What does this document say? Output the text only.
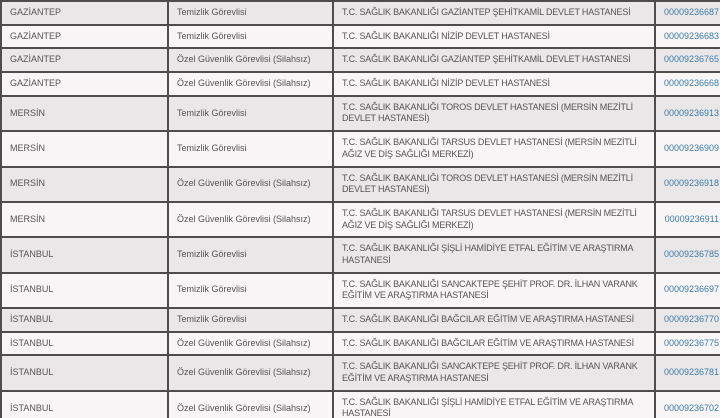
GAZİANTEP	Temizlik Görevlisi	T.C. SAĞLIK BAKANLIĞI GAZİANTEP ŞEHİTKAMİL DEVLET HASTANESİ	00009236687
GAZİANTEP	Temizlik Görevlisi	T.C. SAĞLIK BAKANLIĞI NİZİP DEVLET HASTANESİ	00009236683
GAZİANTEP	Özel Güvenlik Görevlisi (Silahsız)	T.C. SAĞLIK BAKANLIĞI GAZİANTEP ŞEHİTKAMİL DEVLET HASTANESİ	00009236765
GAZİANTEP	Özel Güvenlik Görevlisi (Silahsız)	T.C. SAĞLIK BAKANLIĞI NİZİP DEVLET HASTANESİ	00009236668
MERSİN	Temizlik Görevlisi	T.C. SAĞLIK BAKANLIĞI TOROS DEVLET HASTANESİ (MERSİN MEZİTLİ DEVLET HASTANESİ)	00009236913
MERSİN	Temizlik Görevlisi	T.C. SAĞLIK BAKANLIĞI TARSUS DEVLET HASTANESİ (MERSİN MEZİTLİ AĞIZ VE DİŞ SAĞLIĞI MERKEZİ)	00009236909
MERSİN	Özel Güvenlik Görevlisi (Silahsız)	T.C. SAĞLIK BAKANLIĞI TOROS DEVLET HASTANESİ (MERSİN MEZİTLİ DEVLET HASTANESİ)	00009236918
MERSİN	Özel Güvenlik Görevlisi (Silahsız)	T.C. SAĞLIK BAKANLIĞI TARSUS DEVLET HASTANESİ (MERSİN MEZİTLİ AĞIZ VE DİŞ SAĞLIĞI MERKEZİ)	00009236911
İSTANBUL	Temizlik Görevlisi	T.C. SAĞLIK BAKANLIĞI ŞİŞLİ HAMİDİYE ETFAL EĞİTİM VE ARAŞTIRMA HASTANESİ	00009236785
İSTANBUL	Temizlik Görevlisi	T.C. SAĞLIK BAKANLIĞI SANCAKTEPE ŞEHİT PROF. DR. İLHAN VARANK EĞİTİM VE ARAŞTIRMA HASTANESİ	00009236697
İSTANBUL	Temizlik Görevlisi	T.C. SAĞLIK BAKANLIĞI BAĞCILAR EĞİTİM VE ARAŞTIRMA HASTANESİ	00009236770
İSTANBUL	Özel Güvenlik Görevlisi (Silahsız)	T.C. SAĞLIK BAKANLIĞI BAĞCILAR EĞİTİM VE ARAŞTIRMA HASTANESİ	00009236775
İSTANBUL	Özel Güvenlik Görevlisi (Silahsız)	T.C. SAĞLIK BAKANLIĞI SANCAKTEPE ŞEHİT PROF. DR. İLHAN VARANK EĞİTİM VE ARAŞTIRMA HASTANESİ	00009236781
İSTANBUL	Özel Güvenlik Görevlisi (Silahsız)	T.C. SAĞLIK BAKANLIĞI ŞİŞLİ HAMİDİYE ETFAL EĞİTİM VE ARAŞTIRMA HASTANESİ	00009236702
